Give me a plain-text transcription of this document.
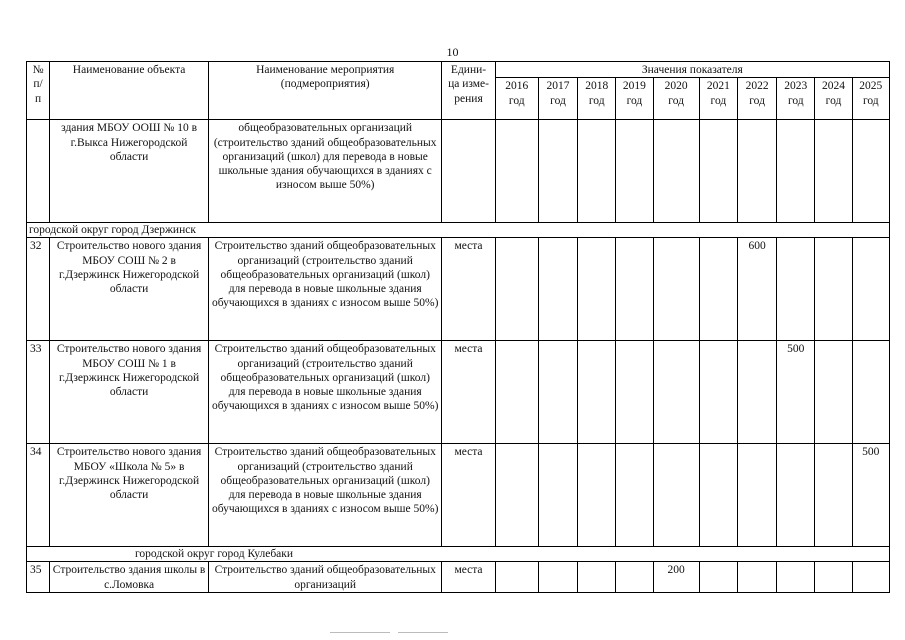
10
№ п/ п	Наименование объекта	Наименование мероприятия (подмероприятия)	Едини- ца изме- рения	Значения показателя									
				2016 год	2017 год	2018 год	2019 год	2020 год	2021 год	2022 год	2023 год	2024 год	2025 год
	здания МБОУ ООШ № 10 в г.Выкса Нижегородской области	общеобразовательных организаций (строительство зданий общеобразовательных организаций (школ) для перевода в новые школьные здания обучающихся в зданиях с износом выше 50%)											
городской округ город Дзержинск													
32	Строительство нового здания МБОУ СОШ № 2 в г.Дзержинск Нижегородской области	Строительство зданий общеобразовательных организаций (строительство зданий общеобразовательных организаций (школ) для перевода в новые школьные здания обучающихся в зданиях с износом выше 50%)	места							600			
33	Строительство нового здания МБОУ СОШ № 1 в г.Дзержинск Нижегородской области	Строительство зданий общеобразовательных организаций (строительство зданий общеобразовательных организаций (школ) для перевода в новые школьные здания обучающихся в зданиях с износом выше 50%)	места								500		
34	Строительство нового здания МБОУ «Школа № 5» в г.Дзержинск Нижегородской области	Строительство зданий общеобразовательных организаций (строительство зданий общеобразовательных организаций (школ) для перевода в новые школьные здания обучающихся в зданиях с износом выше 50%)	места										500
городской округ город Кулебаки													
35	Строительство здания школы в с.Ломовка	Строительство зданий общеобразовательных организаций	места					200					
